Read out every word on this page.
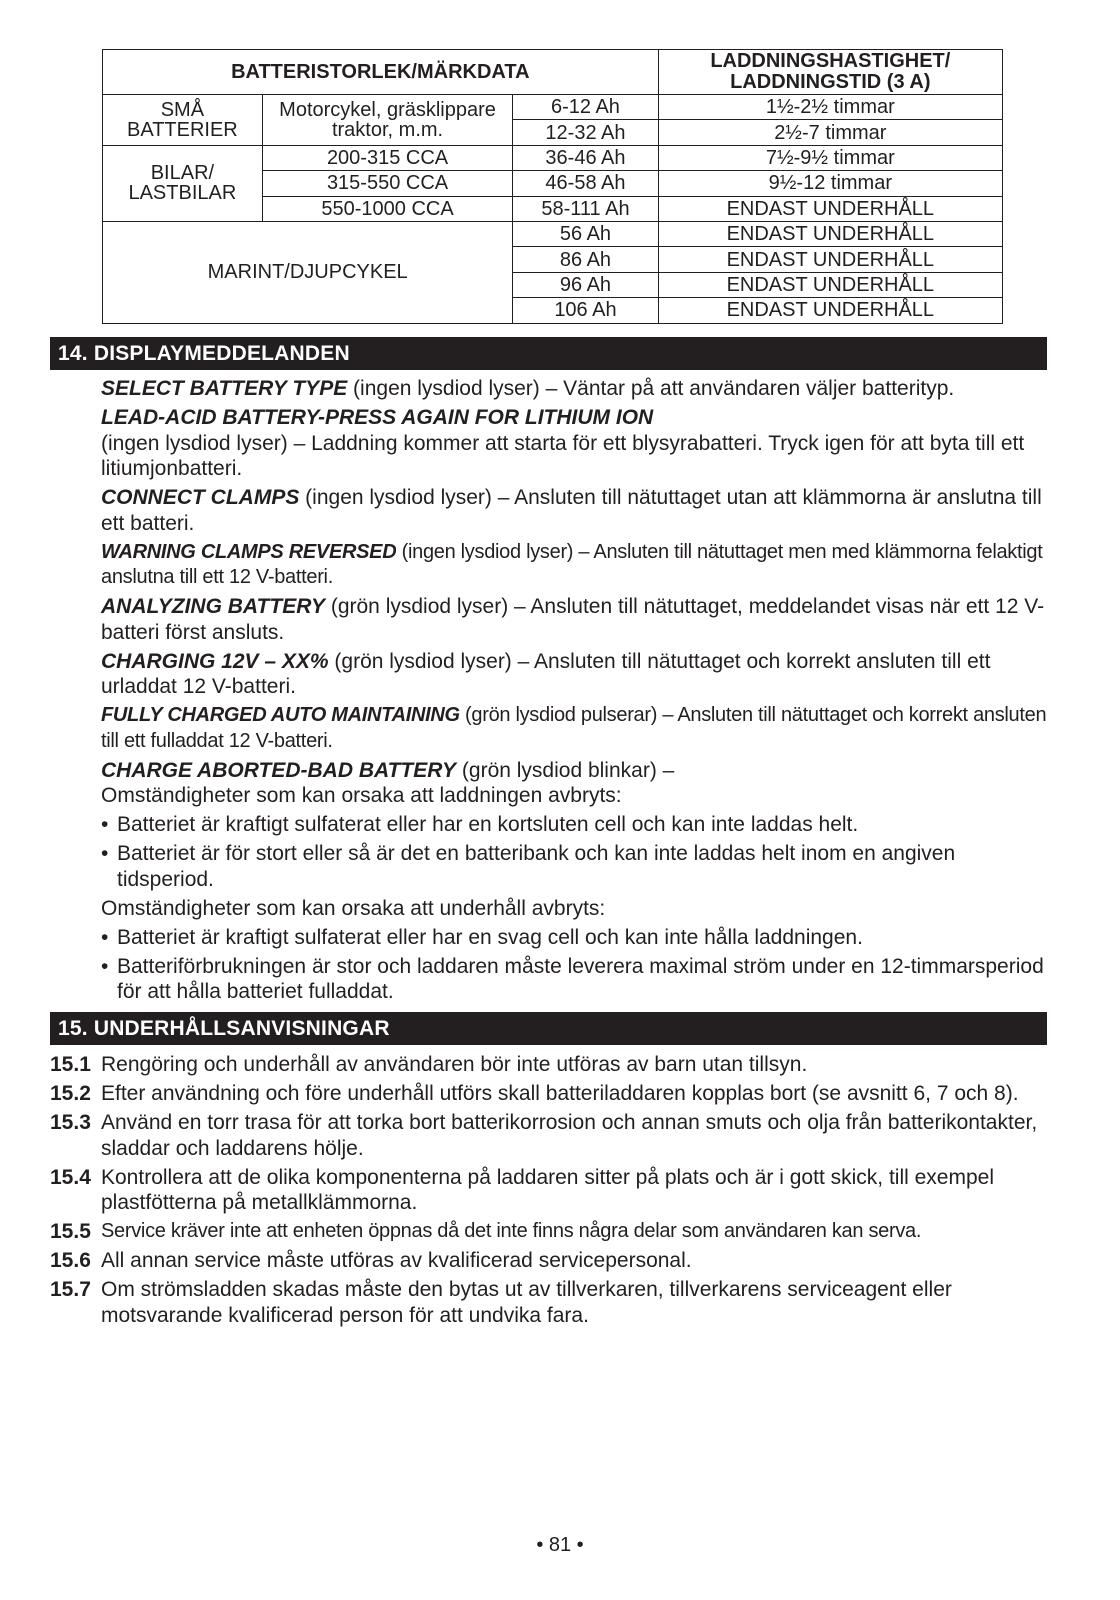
BATTERISTORLEK/MÄRKDATA			LADDNINGSHASTIGHET/
LADDNINGSTID (3 A)
SMÅ BATTERIER	Motorcykel, gräsklippare traktor, m.m.	6-12 Ah	1½-2½ timmar
		12-32 Ah	2½-7 timmar
BILAR/ LASTBILAR	200-315 CCA	36-46 Ah	7½-9½ timmar
	315-550 CCA	46-58 Ah	9½-12 timmar
	550-1000 CCA	58-111 Ah	ENDAST UNDERHÅLL
MARINT/DJUPCYKEL		56 Ah	ENDAST UNDERHÅLL
		86 Ah	ENDAST UNDERHÅLL
		96 Ah	ENDAST UNDERHÅLL
		106 Ah	ENDAST UNDERHÅLL
14. DISPLAYMEDDELANDEN

SELECT BATTERY TYPE (ingen lysdiod lyser) – Väntar på att användaren väljer batterityp.

LEAD-ACID BATTERY-PRESS AGAIN FOR LITHIUM ION
(ingen lysdiod lyser) – Laddning kommer att starta för ett blysyrabatteri. Tryck igen för att byta till ett litiumjonbatteri.

CONNECT CLAMPS (ingen lysdiod lyser) – Ansluten till nätuttaget utan att klämmorna är anslutna till ett batteri.

WARNING CLAMPS REVERSED (ingen lysdiod lyser) – Ansluten till nätuttaget men med klämmorna felaktigt anslutna till ett 12 V-batteri.

ANALYZING BATTERY (grön lysdiod lyser) – Ansluten till nätuttaget, meddelandet visas när ett 12 V-batteri först ansluts.

CHARGING 12V – XX% (grön lysdiod lyser) – Ansluten till nätuttaget och korrekt ansluten till ett urladdat 12 V-batteri.

FULLY CHARGED AUTO MAINTAINING (grön lysdiod pulserar) – Ansluten till nätuttaget och korrekt ansluten till ett fulladdat 12 V-batteri.

CHARGE ABORTED-BAD BATTERY (grön lysdiod blinkar) –

Omständigheter som kan orsaka att laddningen avbryts:

• Batteriet är kraftigt sulfaterat eller har en kortsluten cell och kan inte laddas helt.
• Batteriet är för stort eller så är det en batteribank och kan inte laddas helt inom en angiven tidsperiod.

Omständigheter som kan orsaka att underhåll avbryts:

• Batteriet är kraftigt sulfaterat eller har en svag cell och kan inte hålla laddningen.
• Batteriförbrukningen är stor och laddaren måste leverera maximal ström under en 12-timmarsperiod för att hålla batteriet fulladdat.
15. UNDERHÅLLSANVISNINGAR
15.1 Rengöring och underhåll av användaren bör inte utföras av barn utan tillsyn.
15.2 Efter användning och före underhåll utförs skall batteriladdaren kopplas bort (se avsnitt 6, 7 och 8).
15.3 Använd en torr trasa för att torka bort batterikorrosion och annan smuts och olja från batterikontakter, sladdar och laddarens hölje.
15.4 Kontrollera att de olika komponenterna på laddaren sitter på plats och är i gott skick, till exempel plastfötterna på metallklämmorna.
15.5 Service kräver inte att enheten öppnas då det inte finns några delar som användaren kan serva.
15.6 All annan service måste utföras av kvalificerad servicepersonal.
15.7 Om strömsladden skadas måste den bytas ut av tillverkaren, tillverkarens serviceagent eller motsvarande kvalificerad person för att undvika fara.
• 81 •
